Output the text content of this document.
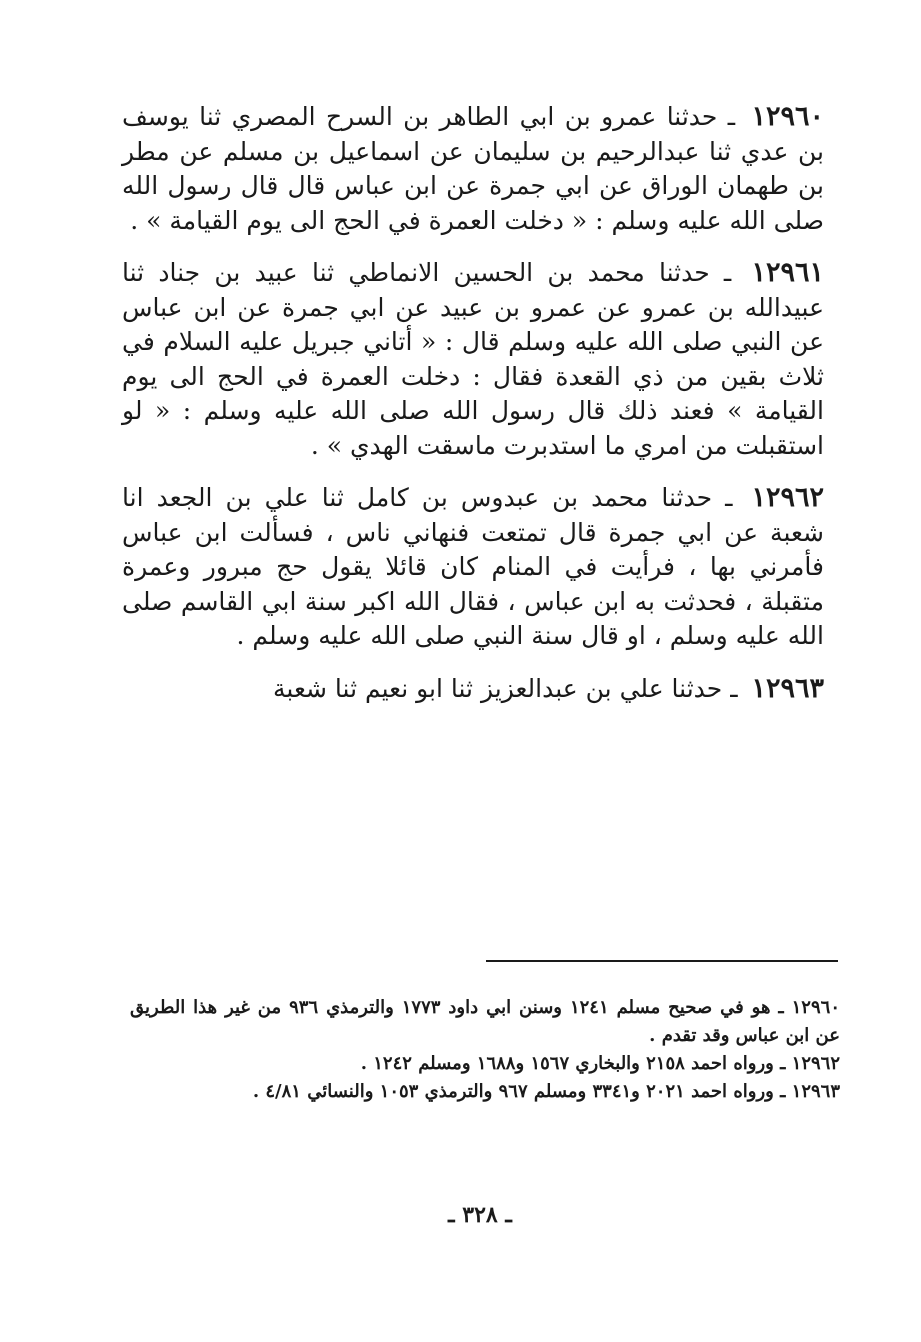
١٢٩٦٠ ـ حدثنا عمرو بن ابي الطاهر بن السرح المصري ثنا يوسف بن عدي ثنا عبدالرحيم بن سليمان عن اسماعيل بن مسلم عن مطر بن طهمان الوراق عن ابي جمرة عن ابن عباس قال قال رسول الله صلى الله عليه وسلم : « دخلت العمرة في الحج الى يوم القيامة » .

١٢٩٦١ ـ حدثنا محمد بن الحسين الانماطي ثنا عبيد بن جناد ثنا عبيدالله بن عمرو عن عمرو بن عبيد عن ابي جمرة عن ابن عباس عن النبي صلى الله عليه وسلم قال : « أتاني جبريل عليه السلام في ثلاث بقين من ذي القعدة فقال : دخلت العمرة في الحج الى يوم القيامة » فعند ذلك قال رسول الله صلى الله عليه وسلم : « لو استقبلت من امري ما استدبرت ماسقت الهدي » .

١٢٩٦٢ ـ حدثنا محمد بن عبدوس بن كامل ثنا علي بن الجعد انا شعبة عن ابي جمرة قال تمتعت فنهاني ناس ، فسألت ابن عباس فأمرني بها ، فرأيت في المنام كان قائلا يقول حج مبرور وعمرة متقبلة ، فحدثت به ابن عباس ، فقال الله اكبر سنة ابي القاسم صلى الله عليه وسلم ، او قال سنة النبي صلى الله عليه وسلم .

١٢٩٦٣ ـ حدثنا علي بن عبدالعزيز ثنا ابو نعيم ثنا شعبة

١٢٩٦٠ ـ هو في صحيح مسلم ١٢٤١ وسنن ابي داود ١٧٧٣ والترمذي ٩٣٦ من غير هذا الطريق عن ابن عباس وقد تقدم .

١٢٩٦٢ ـ ورواه احمد ٢١٥٨ والبخاري ١٥٦٧ و١٦٨٨ ومسلم ١٢٤٢ .

١٢٩٦٣ ـ ورواه احمد ٢٠٢١ و٣٣٤١ ومسلم ٩٦٧ والترمذي ١٠٥٣ والنسائي ٤/٨١ .

ـ ٣٢٨ ـ
